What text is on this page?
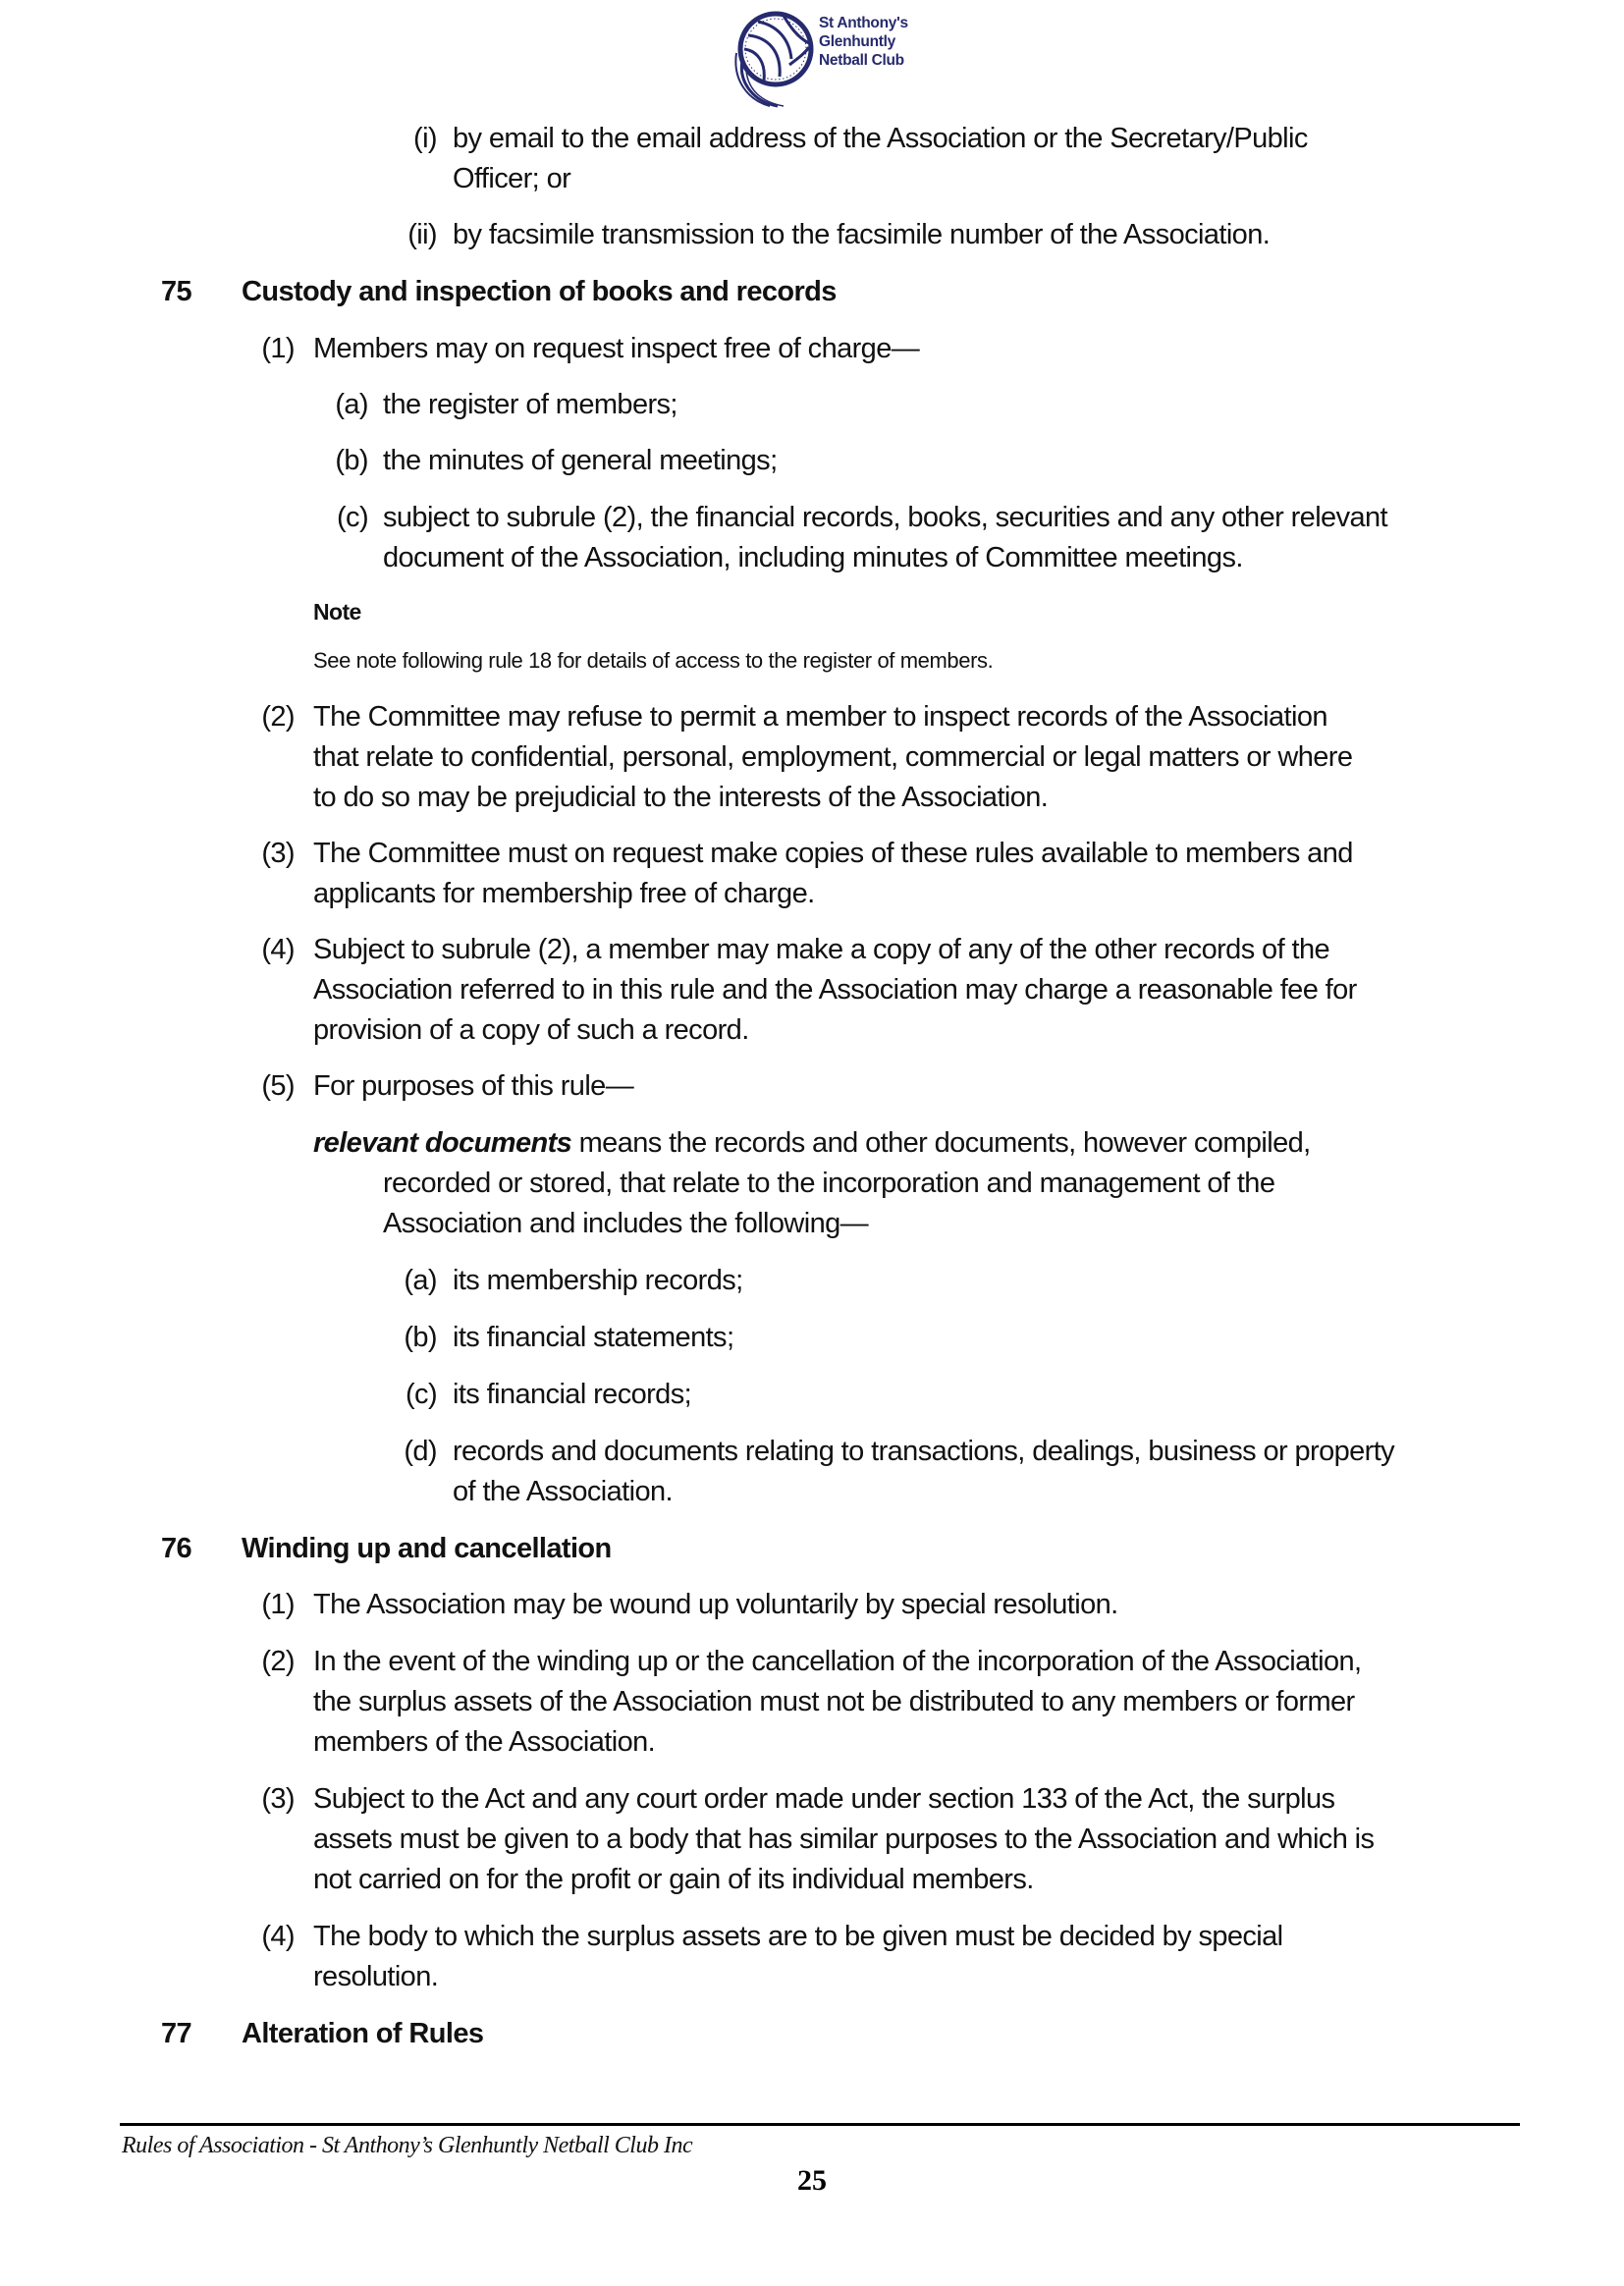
St Anthony's
Glenhuntly
Netball Club
(i) by email to the email address of the Association or the Secretary/Public
Officer; or
(ii) by facsimile transmission to the facsimile number of the Association.
75 Custody and inspection of books and records
(1) Members may on request inspect free of charge—
(a) the register of members;
(b) the minutes of general meetings;
(c) subject to subrule (2), the financial records, books, securities and any other relevant
document of the Association, including minutes of Committee meetings.
Note
See note following rule 18 for details of access to the register of members.
(2) The Committee may refuse to permit a member to inspect records of the Association
that relate to confidential, personal, employment, commercial or legal matters or where
to do so may be prejudicial to the interests of the Association.
(3) The Committee must on request make copies of these rules available to members and
applicants for membership free of charge.
(4) Subject to subrule (2), a member may make a copy of any of the other records of the
Association referred to in this rule and the Association may charge a reasonable fee for
provision of a copy of such a record.
(5) For purposes of this rule—
relevant documents means the records and other documents, however compiled,
recorded or stored, that relate to the incorporation and management of the
Association and includes the following—
(a) its membership records;
(b) its financial statements;
(c) its financial records;
(d) records and documents relating to transactions, dealings, business or property
of the Association.
76 Winding up and cancellation
(1) The Association may be wound up voluntarily by special resolution.
(2) In the event of the winding up or the cancellation of the incorporation of the Association,
the surplus assets of the Association must not be distributed to any members or former
members of the Association.
(3) Subject to the Act and any court order made under section 133 of the Act, the surplus
assets must be given to a body that has similar purposes to the Association and which is
not carried on for the profit or gain of its individual members.
(4) The body to which the surplus assets are to be given must be decided by special
resolution.
77 Alteration of Rules
Rules of Association - St Anthony’s Glenhuntly Netball Club Inc
25
